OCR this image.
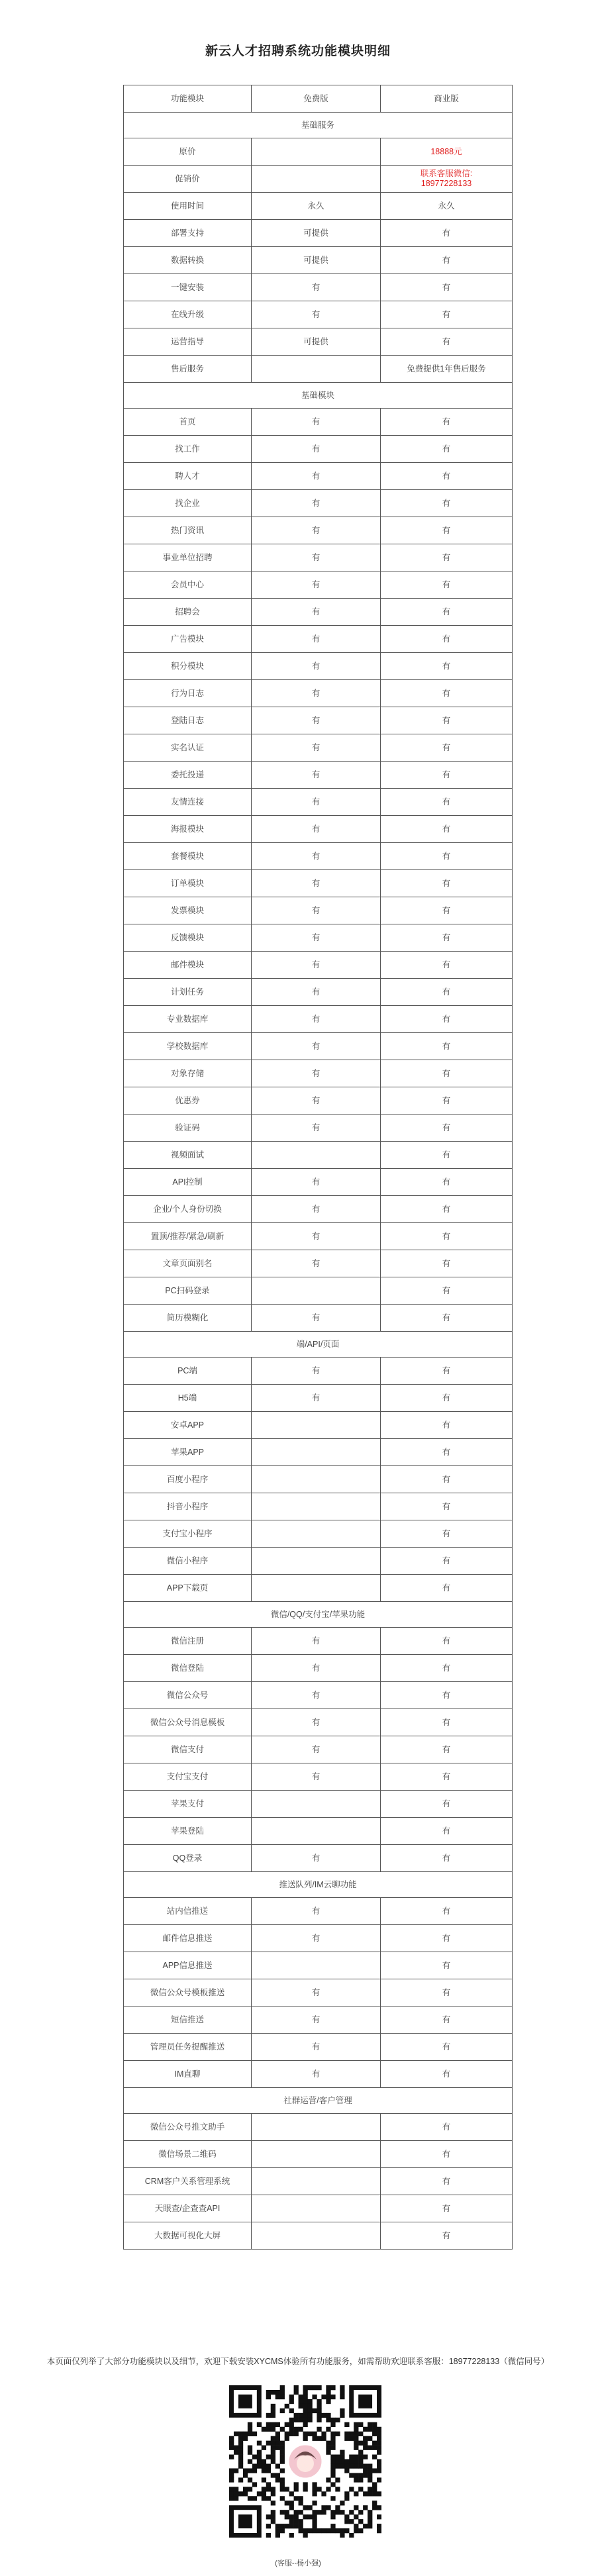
新云人才招聘系统功能模块明细
功能模块	免费版	商业版
基础服务		
原价		18888元
促销价		联系客服微信:
18977228133
使用时间	永久	永久
部署支持	可提供	有
数据转换	可提供	有
一键安装	有	有
在线升级	有	有
运营指导	可提供	有
售后服务		免费提供1年售后服务
基础模块		
首页	有	有
找工作	有	有
聘人才	有	有
找企业	有	有
热门资讯	有	有
事业单位招聘	有	有
会员中心	有	有
招聘会	有	有
广告模块	有	有
积分模块	有	有
行为日志	有	有
登陆日志	有	有
实名认证	有	有
委托投递	有	有
友情连接	有	有
海报模块	有	有
套餐模块	有	有
订单模块	有	有
发票模块	有	有
反馈模块	有	有
邮件模块	有	有
计划任务	有	有
专业数据库	有	有
学校数据库	有	有
对象存储	有	有
优惠券	有	有
验证码	有	有
视频面试		有
API控制	有	有
企业/个人身份切换	有	有
置顶/推荐/紧急/刷新	有	有
文章页面别名	有	有
PC扫码登录		有
简历模糊化	有	有
端/API/页面		
PC端	有	有
H5端	有	有
安卓APP		有
苹果APP		有
百度小程序		有
抖音小程序		有
支付宝小程序		有
微信小程序		有
APP下载页		有
微信/QQ/支付宝/苹果功能		
微信注册	有	有
微信登陆	有	有
微信公众号	有	有
微信公众号消息模板	有	有
微信支付	有	有
支付宝支付	有	有
苹果支付		有
苹果登陆		有
QQ登录	有	有
推送队列/IM云聊功能		
站内信推送	有	有
邮件信息推送	有	有
APP信息推送		有
微信公众号模板推送	有	有
短信推送	有	有
管理员任务提醒推送	有	有
IM直聊	有	有
社群运营/客户管理		
微信公众号推文助手		有
微信场景二维码		有
CRM客户关系管理系统		有
天眼查/企查查API		有
大数据可视化大屏		有
本页面仅列举了大部分功能模块以及细节，欢迎下载安装XYCMS体验所有功能服务，如需帮助欢迎联系客服：18977228133（微信同号）
(客服--杨小强)
